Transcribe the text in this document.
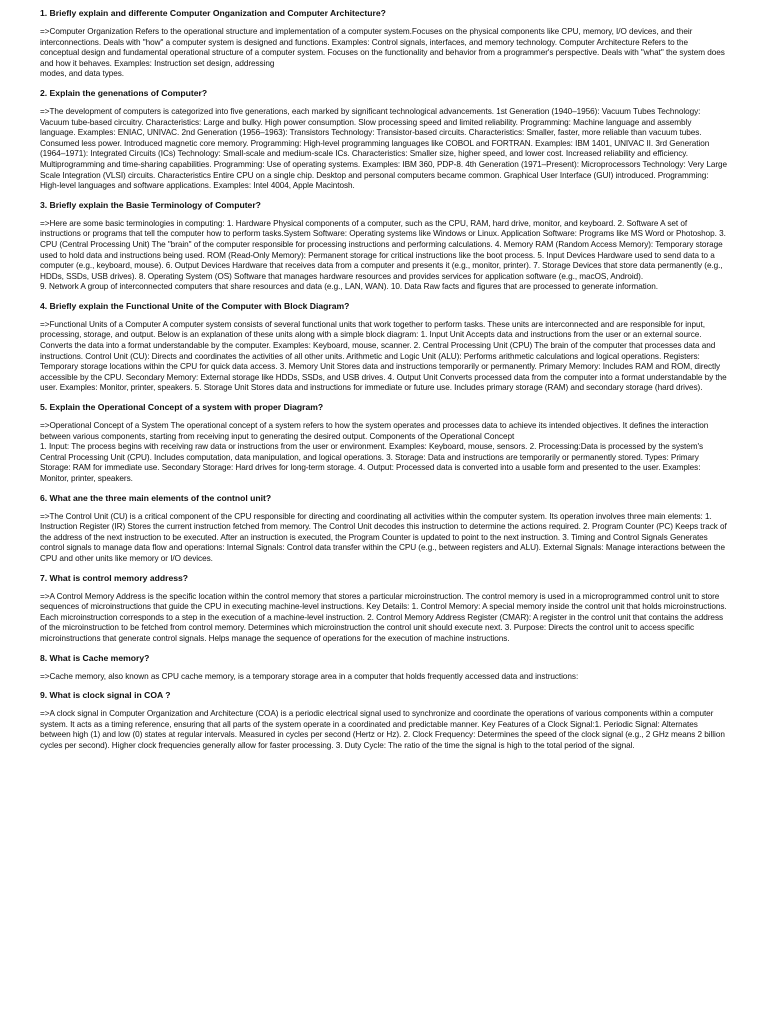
1. Briefly explain and differente Computer Onganization and Computer Architecture?

=>Computer Organization Refers to the operational structure and implementation of a computer system.Focuses on the physical components like CPU, memory, I/O devices, and their interconnections. Deals with "how" a computer system is designed and functions. Examples: Control signals, interfaces, and memory technology. Computer Architecture Refers to the conceptual design and fundamental operational structure of a computer system. Focuses on the functionality and behavior from a programmer's perspective. Deals with "what" the system does and how it behaves. Examples: Instruction set design, addressing
modes, and data types.

2. Explain the genenations of Computer?

=>The development of computers is categorized into five generations, each marked by significant technological advancements. 1st Generation (1940–1956): Vacuum Tubes Technology: Vacuum tube-based circuitry. Characteristics: Large and bulky. High power consumption. Slow processing speed and limited reliability. Programming: Machine language and assembly language. Examples: ENIAC, UNIVAC. 2nd Generation (1956–1963): Transistors Technology: Transistor-based circuits. Characteristics: Smaller, faster, more reliable than vacuum tubes. Consumed less power. Introduced magnetic core memory. Programming: High-level programming languages like COBOL and FORTRAN. Examples: IBM 1401, UNIVAC II. 3rd Generation (1964–1971): Integrated Circuits (ICs) Technology: Small-scale and medium-scale ICs. Characteristics: Smaller size, higher speed, and lower cost. Increased reliability and efficiency. Multiprogramming and time-sharing capabilities. Programming: Use of operating systems. Examples: IBM 360, PDP-8. 4th Generation (1971–Present): Microprocessors Technology: Very Large Scale Integration (VLSI) circuits. Characteristics Entire CPU on a single chip. Desktop and personal computers became common. Graphical User Interface (GUI) introduced. Programming: High-level languages and software applications. Examples: Intel 4004, Apple Macintosh.

3. Briefly explain the Basie Terminology of Computer?

=>Here are some basic terminologies in computing: 1. Hardware Physical components of a computer, such as the CPU, RAM, hard drive, monitor, and keyboard. 2. Software A set of instructions or programs that tell the computer how to perform tasks.System Software: Operating systems like Windows or Linux. Application Software: Programs like MS Word or Photoshop. 3. CPU (Central Processing Unit) The "brain" of the computer responsible for processing instructions and performing calculations. 4. Memory RAM (Random Access Memory): Temporary storage used to hold data and instructions being used. ROM (Read-Only Memory): Permanent storage for critical instructions like the boot process. 5. Input Devices Hardware used to send data to a computer (e.g., keyboard, mouse). 6. Output Devices Hardware that receives data from a computer and presents it (e.g., monitor, printer). 7. Storage Devices that store data permanently (e.g., HDDs, SSDs, USB drives). 8. Operating System (OS) Software that manages hardware resources and provides services for application software (e.g., macOS, Android).
9. Network A group of interconnected computers that share resources and data (e.g., LAN, WAN). 10. Data Raw facts and figures that are processed to generate information.

4. Briefly explain the Functional Unite of the Computer with Block Diagram?

=>Functional Units of a Computer A computer system consists of several functional units that work together to perform tasks. These units are interconnected and are responsible for input, processing, storage, and output. Below is an explanation of these units along with a simple block diagram: 1. Input Unit Accepts data and instructions from the user or an external source. Converts the data into a format understandable by the computer. Examples: Keyboard, mouse, scanner. 2. Central Processing Unit (CPU) The brain of the computer that processes data and instructions. Control Unit (CU): Directs and coordinates the activities of all other units. Arithmetic and Logic Unit (ALU): Performs arithmetic calculations and logical operations. Registers: Temporary storage locations within the CPU for quick data access. 3. Memory Unit Stores data and instructions temporarily or permanently. Primary Memory: Includes RAM and ROM, directly accessible by the CPU. Secondary Memory: External storage like HDDs, SSDs, and USB drives. 4. Output Unit Converts processed data from the computer into a format understandable by the user. Examples: Monitor, printer, speakers. 5. Storage Unit Stores data and instructions for immediate or future use. Includes primary storage (RAM) and secondary storage (hard drives).

5. Explain the Operational Concept of a system with proper Diagram?

=>Operational Concept of a System The operational concept of a system refers to how the system operates and processes data to achieve its intended objectives. It defines the interaction between various components, starting from receiving input to generating the desired output. Components of the Operational Concept
1. Input: The process begins with receiving raw data or instructions from the user or environment. Examples: Keyboard, mouse, sensors. 2. Processing:Data is processed by the system's Central Processing Unit (CPU). Includes computation, data manipulation, and logical operations. 3. Storage: Data and instructions are temporarily or permanently stored. Types: Primary Storage: RAM for immediate use. Secondary Storage: Hard drives for long-term storage. 4. Output: Processed data is converted into a usable form and presented to the user. Examples: Monitor, printer, speakers.

6. What ane the three main elements of the contnol unit?

=>The Control Unit (CU) is a critical component of the CPU responsible for directing and coordinating all activities within the computer system. Its operation involves three main elements: 1. Instruction Register (IR) Stores the current instruction fetched from memory. The Control Unit decodes this instruction to determine the actions required. 2. Program Counter (PC) Keeps track of the address of the next instruction to be executed. After an instruction is executed, the Program Counter is updated to point to the next instruction. 3. Timing and Control Signals Generates control signals to manage data flow and operations: Internal Signals: Control data transfer within the CPU (e.g., between registers and ALU). External Signals: Manage interactions between the CPU and other units like memory or I/O devices.

7. What is control memory address?

=>A Control Memory Address is the specific location within the control memory that stores a particular microinstruction. The control memory is used in a microprogrammed control unit to store sequences of microinstructions that guide the CPU in executing machine-level instructions. Key Details: 1. Control Memory: A special memory inside the control unit that holds microinstructions. Each microinstruction corresponds to a step in the execution of a machine-level instruction. 2. Control Memory Address Register (CMAR): A register in the control unit that contains the address of the microinstruction to be fetched from control memory. Determines which microinstruction the control unit should execute next. 3. Purpose: Directs the control unit to access specific microinstructions that generate control signals. Helps manage the sequence of operations for the execution of machine instructions.

8. What is Cache memory?

=>Cache memory, also known as CPU cache memory, is a temporary storage area in a computer that holds frequently accessed data and instructions:

9. What is clock signal in COA ?

=>A clock signal in Computer Organization and Architecture (COA) is a periodic electrical signal used to synchronize and coordinate the operations of various components within a computer system. It acts as a timing reference, ensuring that all parts of the system operate in a coordinated and predictable manner. Key Features of a Clock Signal:1. Periodic Signal: Alternates between high (1) and low (0) states at regular intervals. Measured in cycles per second (Hertz or Hz). 2. Clock Frequency: Determines the speed of the clock signal (e.g., 2 GHz means 2 billion cycles per second). Higher clock frequencies generally allow for faster processing. 3. Duty Cycle: The ratio of the time the signal is high to the total period of the signal.
